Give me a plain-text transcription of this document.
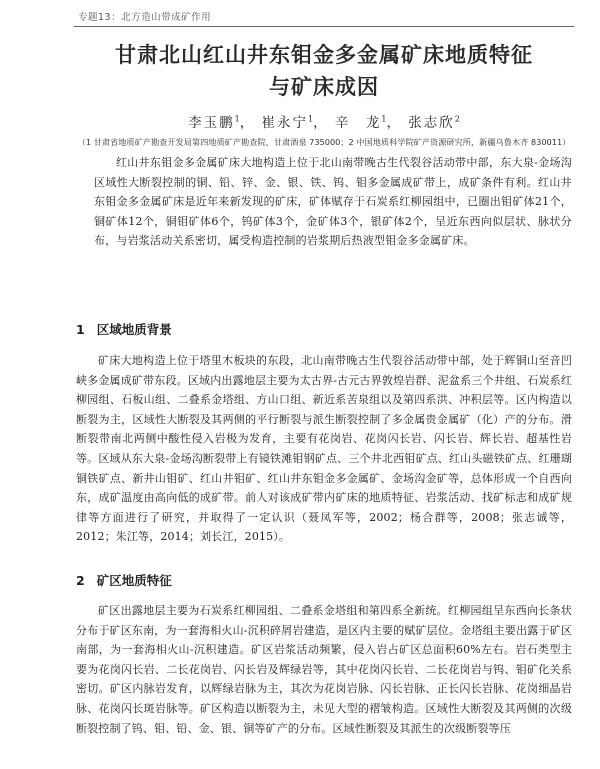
专题13：北方造山带成矿作用
甘肃北山红山井东钼金多金属矿床地质特征
与矿床成因
李玉鹏$^1$， 崔永宁$^1$， 辛　龙$^1$， 张志欣$^2$
（1 甘肃省地质矿产勘查开发局第四地质矿产勘查院，甘肃酒泉 735000；2 中国地质科学院矿产资源研究所，新疆乌鲁木齐 830011）

红山井东钼金多金属矿床大地构造上位于北山南带晚古生代裂谷活动带中部，东大泉-金场沟区域性大断裂控制的铜、铅、锌、金、银、铁、钨、钼多金属成矿带上，成矿条件有利。红山井东钼金多金属矿床是近年来新发现的矿床，矿体赋存于石炭系红柳园组中，已圈出钼矿体21个，铜矿体12个，铜钼矿体6个，钨矿体3个，金矿体3个，银矿体2个，呈近东西向似层状、脉状分布，与岩浆活动关系密切，属受构造控制的岩浆期后热液型钼金多金属矿床。

1 区域地质背景

矿床大地构造上位于塔里木板块的东段，北山南带晚古生代裂谷活动带中部，处于辉铜山至音凹峡多金属成矿带东段。区域内出露地层主要为太古界-古元古界敦煌岩群、泥盆系三个井组、石炭系红柳园组、石板山组、二叠系金塔组、方山口组、新近系苦泉组以及第四系洪、冲积层等。区内构造以断裂为主，区域性大断裂及其两侧的平行断裂与派生断裂控制了多金属贵金属矿（化）产的分布。滑断裂带南北两侧中酸性侵入岩极为发育，主要有花岗岩、花岗闪长岩、闪长岩、辉长岩、超基性岩等。区域从东大泉-金场沟断裂带上有镜铁滩钼钢矿点、三个井北西钼矿点、红山头磁铁矿点、红珊瑚铜铁矿点、新井山钼矿、红山井钼矿、红山井东钼金多金属矿、金场沟金矿等，总体形成一个自西向东，成矿温度由高向低的成矿带。前人对该成矿带内矿床的地质特征、岩浆活动、找矿标志和成矿规律等方面进行了研究，并取得了一定认识（聂凤军等，2002；杨合群等，2008；张志诚等，2012；朱江等，2014；刘长江，2015）。

2 矿区地质特征

矿区出露地层主要为石炭系红柳园组、二叠系金塔组和第四系全新统。红柳园组呈东西向长条状分布于矿区东南，为一套海相火山-沉积碎屑岩建造，是区内主要的赋矿层位。金塔组主要出露于矿区南部，为一套海相火山-沉积建造。矿区岩浆活动频繁，侵入岩占矿区总面积60%左右。岩石类型主要为花岗闪长岩、二长花岗岩、闪长岩及辉绿岩等，其中花岗闪长岩、二长花岗岩与钨、钼矿化关系密切。矿区内脉岩发育，以辉绿岩脉为主，其次为花岗岩脉、闪长岩脉、正长闪长岩脉、花岗细晶岩脉、花岗闪长斑岩脉等。矿区构造以断裂为主，未见大型的褶皱构造。区域性大断裂及其两侧的次级断裂控制了钨、钼、铅、金、银、铜等矿产的分布。区域性断裂及其派生的次级断裂等压
